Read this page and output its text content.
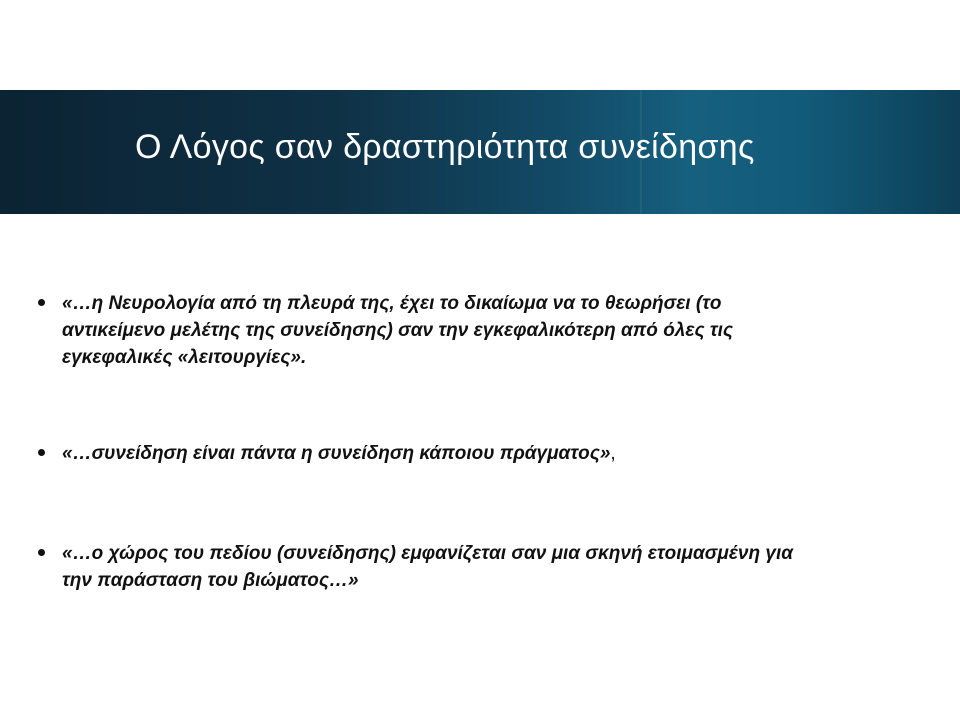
Ο Λόγος σαν δραστηριότητα συνείδησης

«…η Νευρολογία από τη πλευρά της, έχει το δικαίωμα να το θεωρήσει (το
αντικείμενο μελέτης της συνείδησης) σαν την εγκεφαλικότερη από όλες τις
εγκεφαλικές «λειτουργίες».

«…συνείδηση είναι πάντα η συνείδηση κάποιου πράγματος»,

«…ο χώρος του πεδίου (συνείδησης) εμφανίζεται σαν μια σκηνή ετοιμασμένη για
την παράσταση του βιώματος…»
